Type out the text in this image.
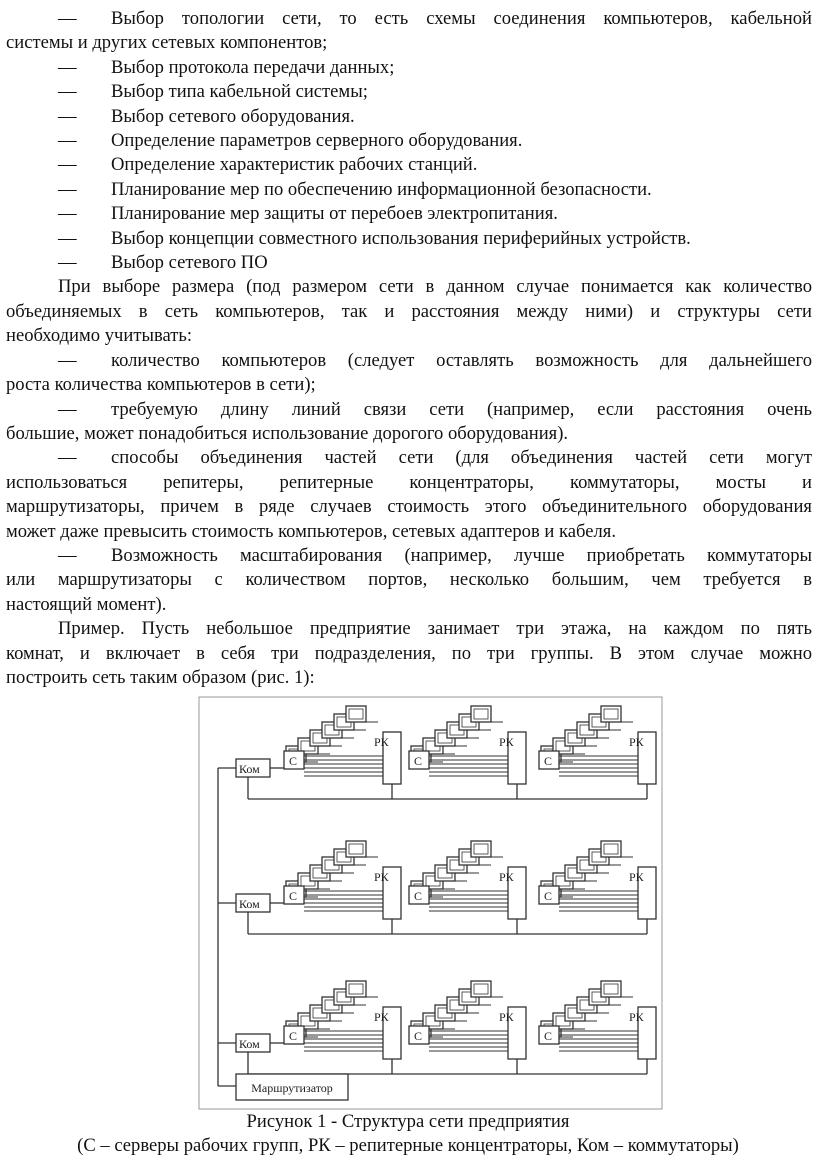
—	Выбор топологии сети, то есть схемы соединения компьютеров, кабельной
системы и других сетевых компонентов;
—	Выбор протокола передачи данных;
—	Выбор типа кабельной системы;
—	Выбор сетевого оборудования.
—	Определение параметров серверного оборудования.
—	Определение характеристик рабочих станций.
—	Планирование мер по обеспечению информационной безопасности.
—	Планирование мер защиты от перебоев электропитания.
—	Выбор концепции совместного использования периферийных устройств.
—	Выбор сетевого ПО
При выборе размера (под размером сети в данном случае понимается как количество
объединяемых в сеть компьютеров, так и расстояния между ними) и структуры сети
необходимо учитывать:
—	количество компьютеров (следует оставлять возможность для дальнейшего
роста количества компьютеров в сети);
—	требуемую длину линий связи сети (например, если расстояния очень
большие, может понадобиться использование дорогого оборудования).
—	способы объединения частей сети (для объединения частей сети могут
использоваться репитеры, репитерные концентраторы, коммутаторы, мосты и
маршрутизаторы, причем в ряде случаев стоимость этого объединительного оборудования
может даже превысить стоимость компьютеров, сетевых адаптеров и кабеля.
—	Возможность масштабирования (например, лучше приобретать коммутаторы
или маршрутизаторы с количеством портов, несколько большим, чем требуется в
настоящий момент).
Пример. Пусть небольшое предприятие занимает три этажа, на каждом по пять
комнат, и включает в себя три подразделения, по три группы. В этом случае можно
построить сеть таким образом (рис. 1):
С
РК
С
РК
С
РК
Ком
С
РК
С
РК
С
РК
Ком
С
РК
С
РК
С
РК
Ком
Маршрутизатор
Рисунок 1 - Структура сети предприятия
(С – серверы рабочих групп, РК – репитерные концентраторы, Ком – коммутаторы)
